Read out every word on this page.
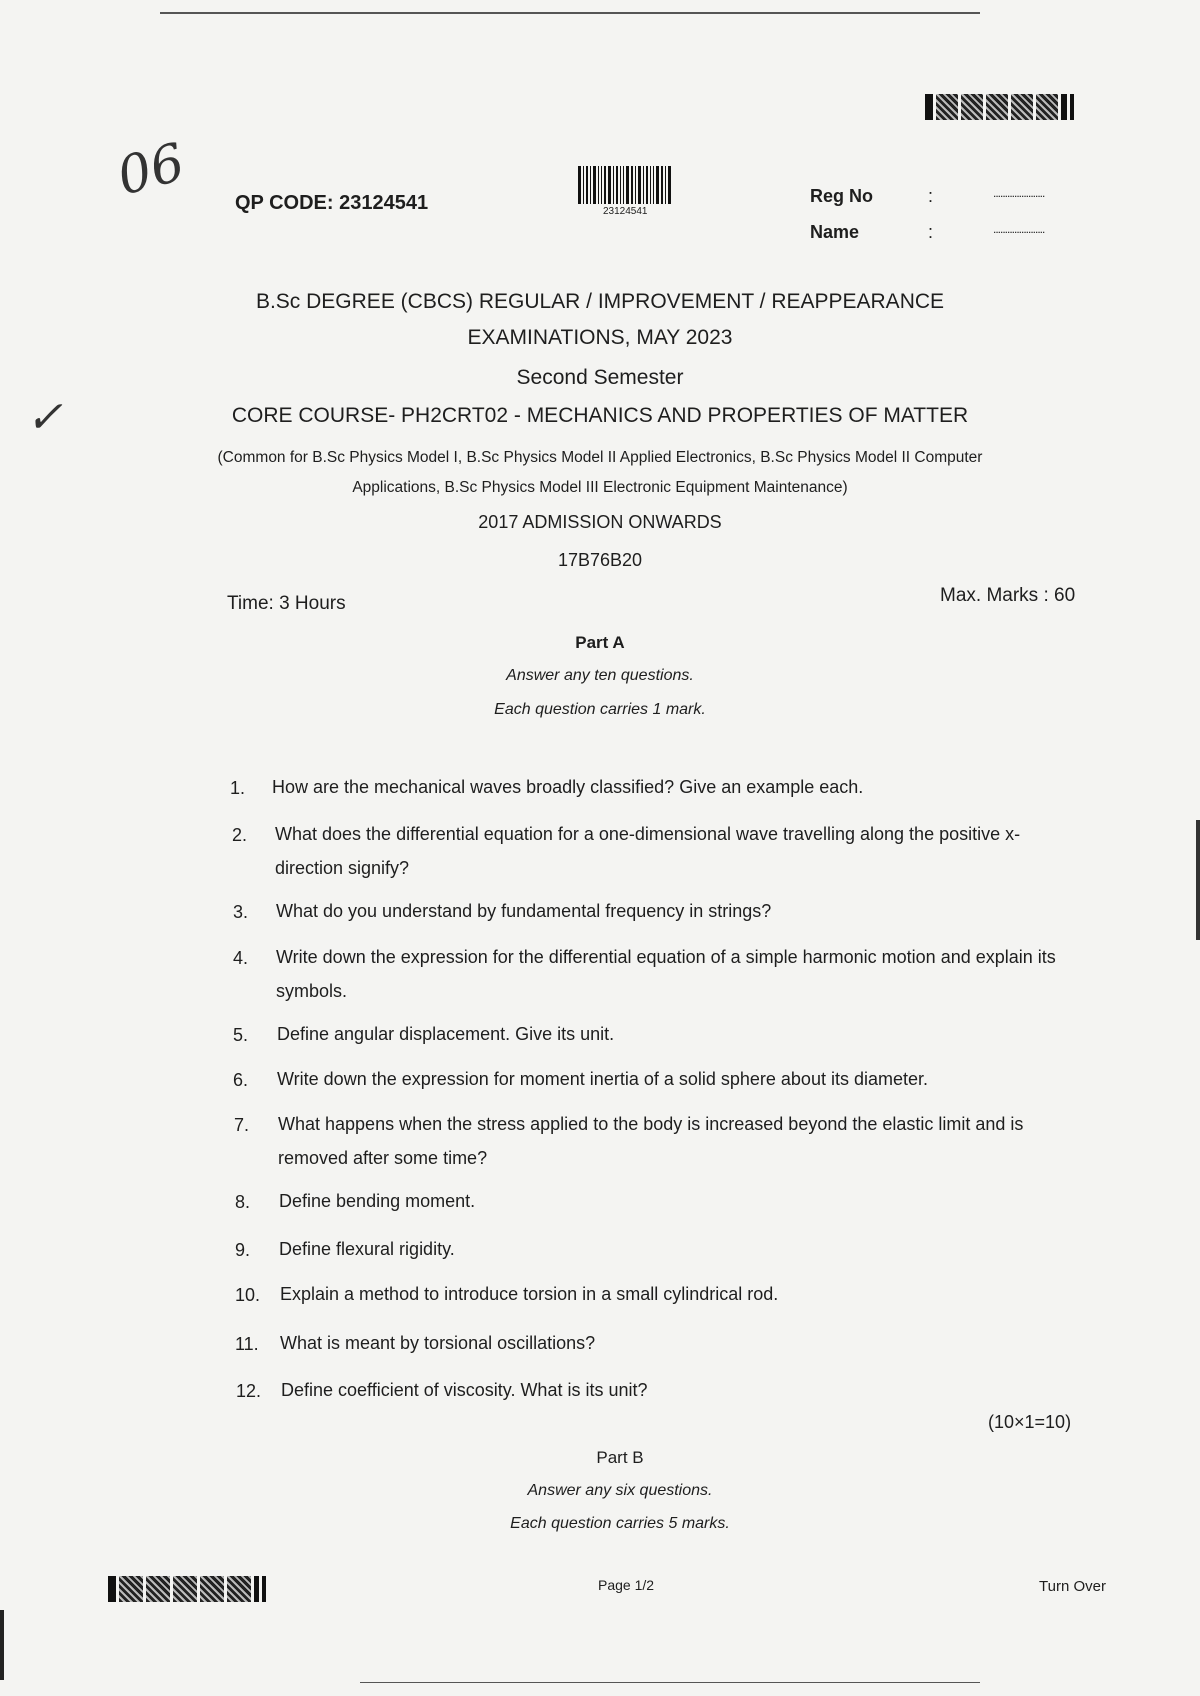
06
✓
QP CODE: 23124541	23124541
Reg No	:	......................
Name	:	......................
B.Sc DEGREE (CBCS) REGULAR / IMPROVEMENT / REAPPEARANCE
EXAMINATIONS, MAY 2023
Second Semester
CORE COURSE- PH2CRT02 - MECHANICS AND PROPERTIES OF MATTER
(Common for B.Sc Physics Model I, B.Sc Physics Model II Applied Electronics, B.Sc Physics Model II Computer
Applications, B.Sc Physics Model III Electronic Equipment Maintenance)
2017 ADMISSION ONWARDS
17B76B20
Time: 3 Hours	Max. Marks : 60
Part A
Answer any ten questions.
Each question carries 1 mark.
1. How are the mechanical waves broadly classified? Give an example each.
2. What does the differential equation for a one-dimensional wave travelling along the positive x-direction signify?
3. What do you understand by fundamental frequency in strings?
4. Write down the expression for the differential equation of a simple harmonic motion and explain its symbols.
5. Define angular displacement. Give its unit.
6. Write down the expression for moment inertia of a solid sphere about its diameter.
7. What happens when the stress applied to the body is increased beyond the elastic limit and is removed after some time?
8. Define bending moment.
9. Define flexural rigidity.
10. Explain a method to introduce torsion in a small cylindrical rod.
11. What is meant by torsional oscillations?
12. Define coefficient of viscosity. What is its unit?
(10×1=10)
Part B
Answer any six questions.
Each question carries 5 marks.
Page 1/2	Turn Over
